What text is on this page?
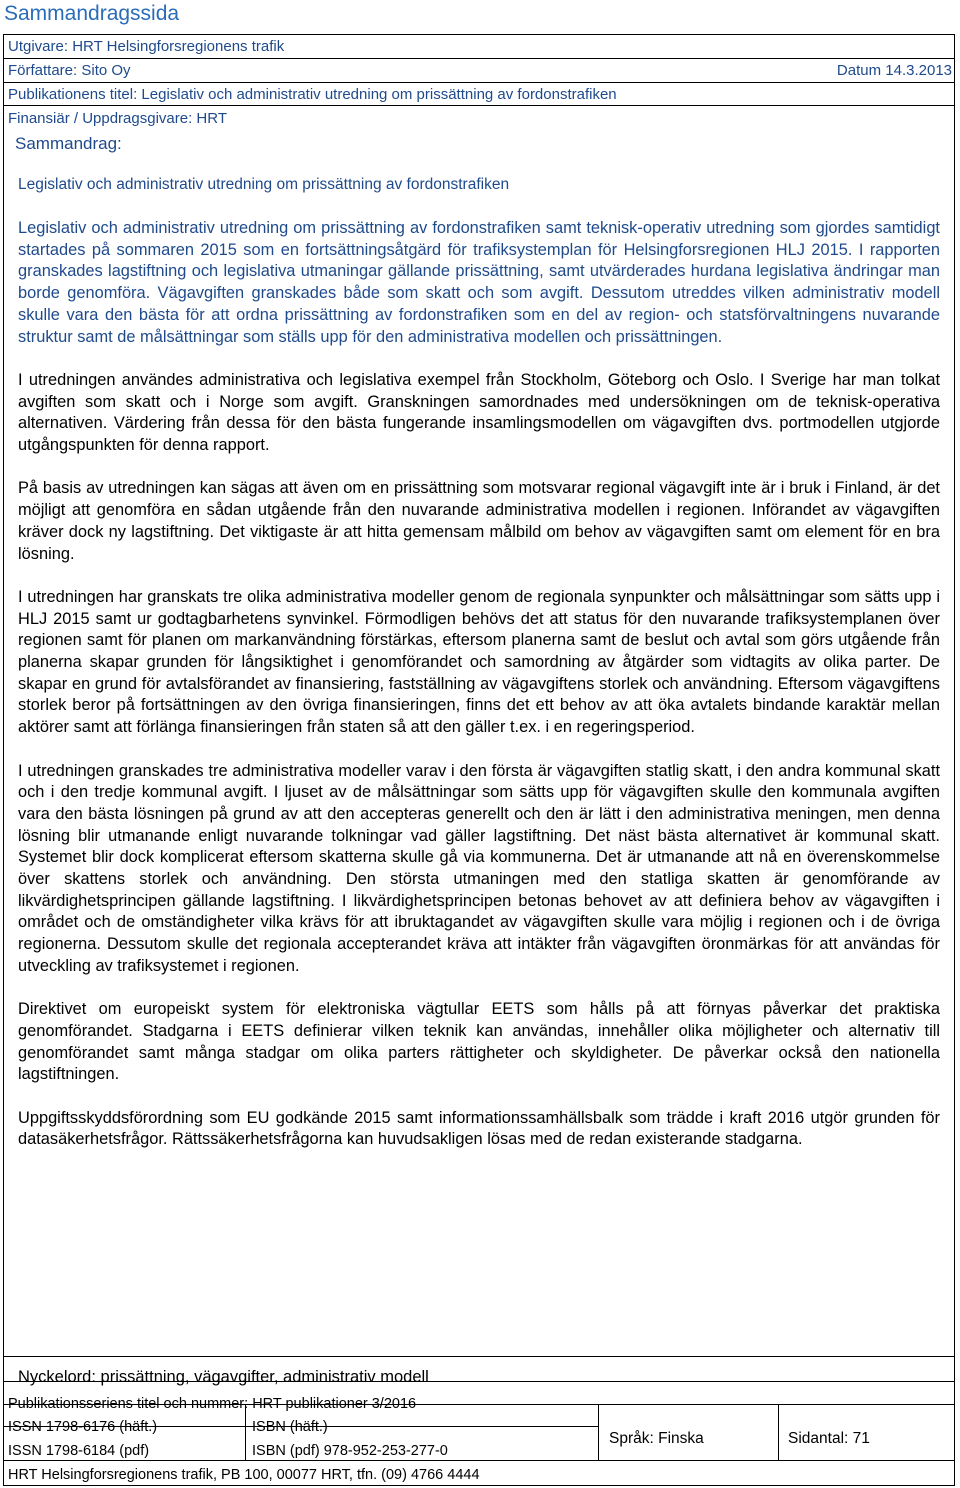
Sammandragssida
Utgivare: HRT Helsingforsregionens trafik
Författare: Sito Oy	Datum 14.3.2013
Publikationens titel: Legislativ och administrativ utredning om prissättning av fordonstrafiken
Finansiär / Uppdragsgivare: HRT
Sammandrag:
Legislativ och administrativ utredning om prissättning av fordonstrafiken

Legislativ och administrativ utredning om prissättning av fordonstrafiken samt teknisk-operativ utredning som gjordes samtidigt startades på sommaren 2015 som en fortsättningsåtgärd för trafiksystemplan för Helsingforsregionen HLJ 2015. I rapporten granskades lagstiftning och legislativa utmaningar gällande prissättning, samt utvärderades hurdana legislativa ändringar man borde genomföra. Vägavgiften granskades både som skatt och som avgift. Dessutom utreddes vilken administrativ modell skulle vara den bästa för att ordna prissättning av fordonstrafiken som en del av region- och statsförvaltningens nuvarande struktur samt de målsättningar som ställs upp för den administrativa modellen och prissättningen.

I utredningen användes administrativa och legislativa exempel från Stockholm, Göteborg och Oslo. I Sverige har man tolkat avgiften som skatt och i Norge som avgift. Granskningen samordnades med undersökningen om de teknisk-operativa alternativen. Värdering från dessa för den bästa fungerande insamlingsmodellen om vägavgiften dvs. portmodellen utgjorde utgångspunkten för denna rapport.

På basis av utredningen kan sägas att även om en prissättning som motsvarar regional vägavgift inte är i bruk i Finland, är det möjligt att genomföra en sådan utgående från den nuvarande administrativa modellen i regionen. Införandet av vägavgiften kräver dock ny lagstiftning. Det viktigaste är att hitta gemensam målbild om behov av vägavgiften samt om element för en bra lösning.

I utredningen har granskats tre olika administrativa modeller genom de regionala synpunkter och målsättningar som sätts upp i HLJ 2015 samt ur godtagbarhetens synvinkel. Förmodligen behövs det att status för den nuvarande trafiksystemplanen över regionen samt för planen om markanvändning förstärkas, eftersom planerna samt de beslut och avtal som görs utgående från planerna skapar grunden för långsiktighet i genomförandet och samordning av åtgärder som vidtagits av olika parter. De skapar en grund för avtalsförandet av finansiering, fastställning av vägavgiftens storlek och användning. Eftersom vägavgiftens storlek beror på fortsättningen av den övriga finansieringen, finns det ett behov av att öka avtalets bindande karaktär mellan aktörer samt att förlänga finansieringen från staten så att den gäller t.ex. i en regeringsperiod.

I utredningen granskades tre administrativa modeller varav i den första är vägavgiften statlig skatt, i den andra kommunal skatt och i den tredje kommunal avgift. I ljuset av de målsättningar som sätts upp för vägavgiften skulle den kommunala avgiften vara den bästa lösningen på grund av att den accepteras generellt och den är lätt i den administrativa meningen, men denna lösning blir utmanande enligt nuvarande tolkningar vad gäller lagstiftning. Det näst bästa alternativet är kommunal skatt. Systemet blir dock komplicerat eftersom skatterna skulle gå via kommunerna. Det är utmanande att nå en överenskommelse över skattens storlek och användning. Den största utmaningen med den statliga skatten är genomförande av likvärdighetsprincipen gällande lagstiftning. I likvärdighetsprincipen betonas behovet av att definiera behov av vägavgiften i området och de omständigheter vilka krävs för att ibruktagandet av vägavgiften skulle vara möjlig i regionen och i de övriga regionerna. Dessutom skulle det regionala accepterandet kräva att intäkter från vägavgiften öronmärkas för att användas för utveckling av trafiksystemet i regionen.

Direktivet om europeiskt system för elektroniska vägtullar EETS som hålls på att förnyas påverkar det praktiska genomförandet. Stadgarna i EETS definierar vilken teknik kan användas, innehåller olika möjligheter och alternativ till genomförandet samt många stadgar om olika parters rättigheter och skyldigheter. De påverkar också den nationella lagstiftningen.

Uppgiftsskyddsförordning som EU godkände 2015 samt informationssamhällsbalk som trädde i kraft 2016 utgör grunden för datasäkerhetsfrågor. Rättssäkerhetsfrågorna kan huvudsakligen lösas med de redan existerande stadgarna.

Nyckelord: prissättning, vägavgifter, administrativ modell
Publikationsseriens titel och nummer: HRT publikationer 3/2016
ISSN 1798-6176 (häft.)	ISBN (häft.)
ISSN 1798-6184 (pdf)	ISBN (pdf) 978-952-253-277-0
Språk: Finska	Sidantal: 71
HRT Helsingforsregionens trafik, PB 100, 00077 HRT, tfn. (09) 4766 4444
